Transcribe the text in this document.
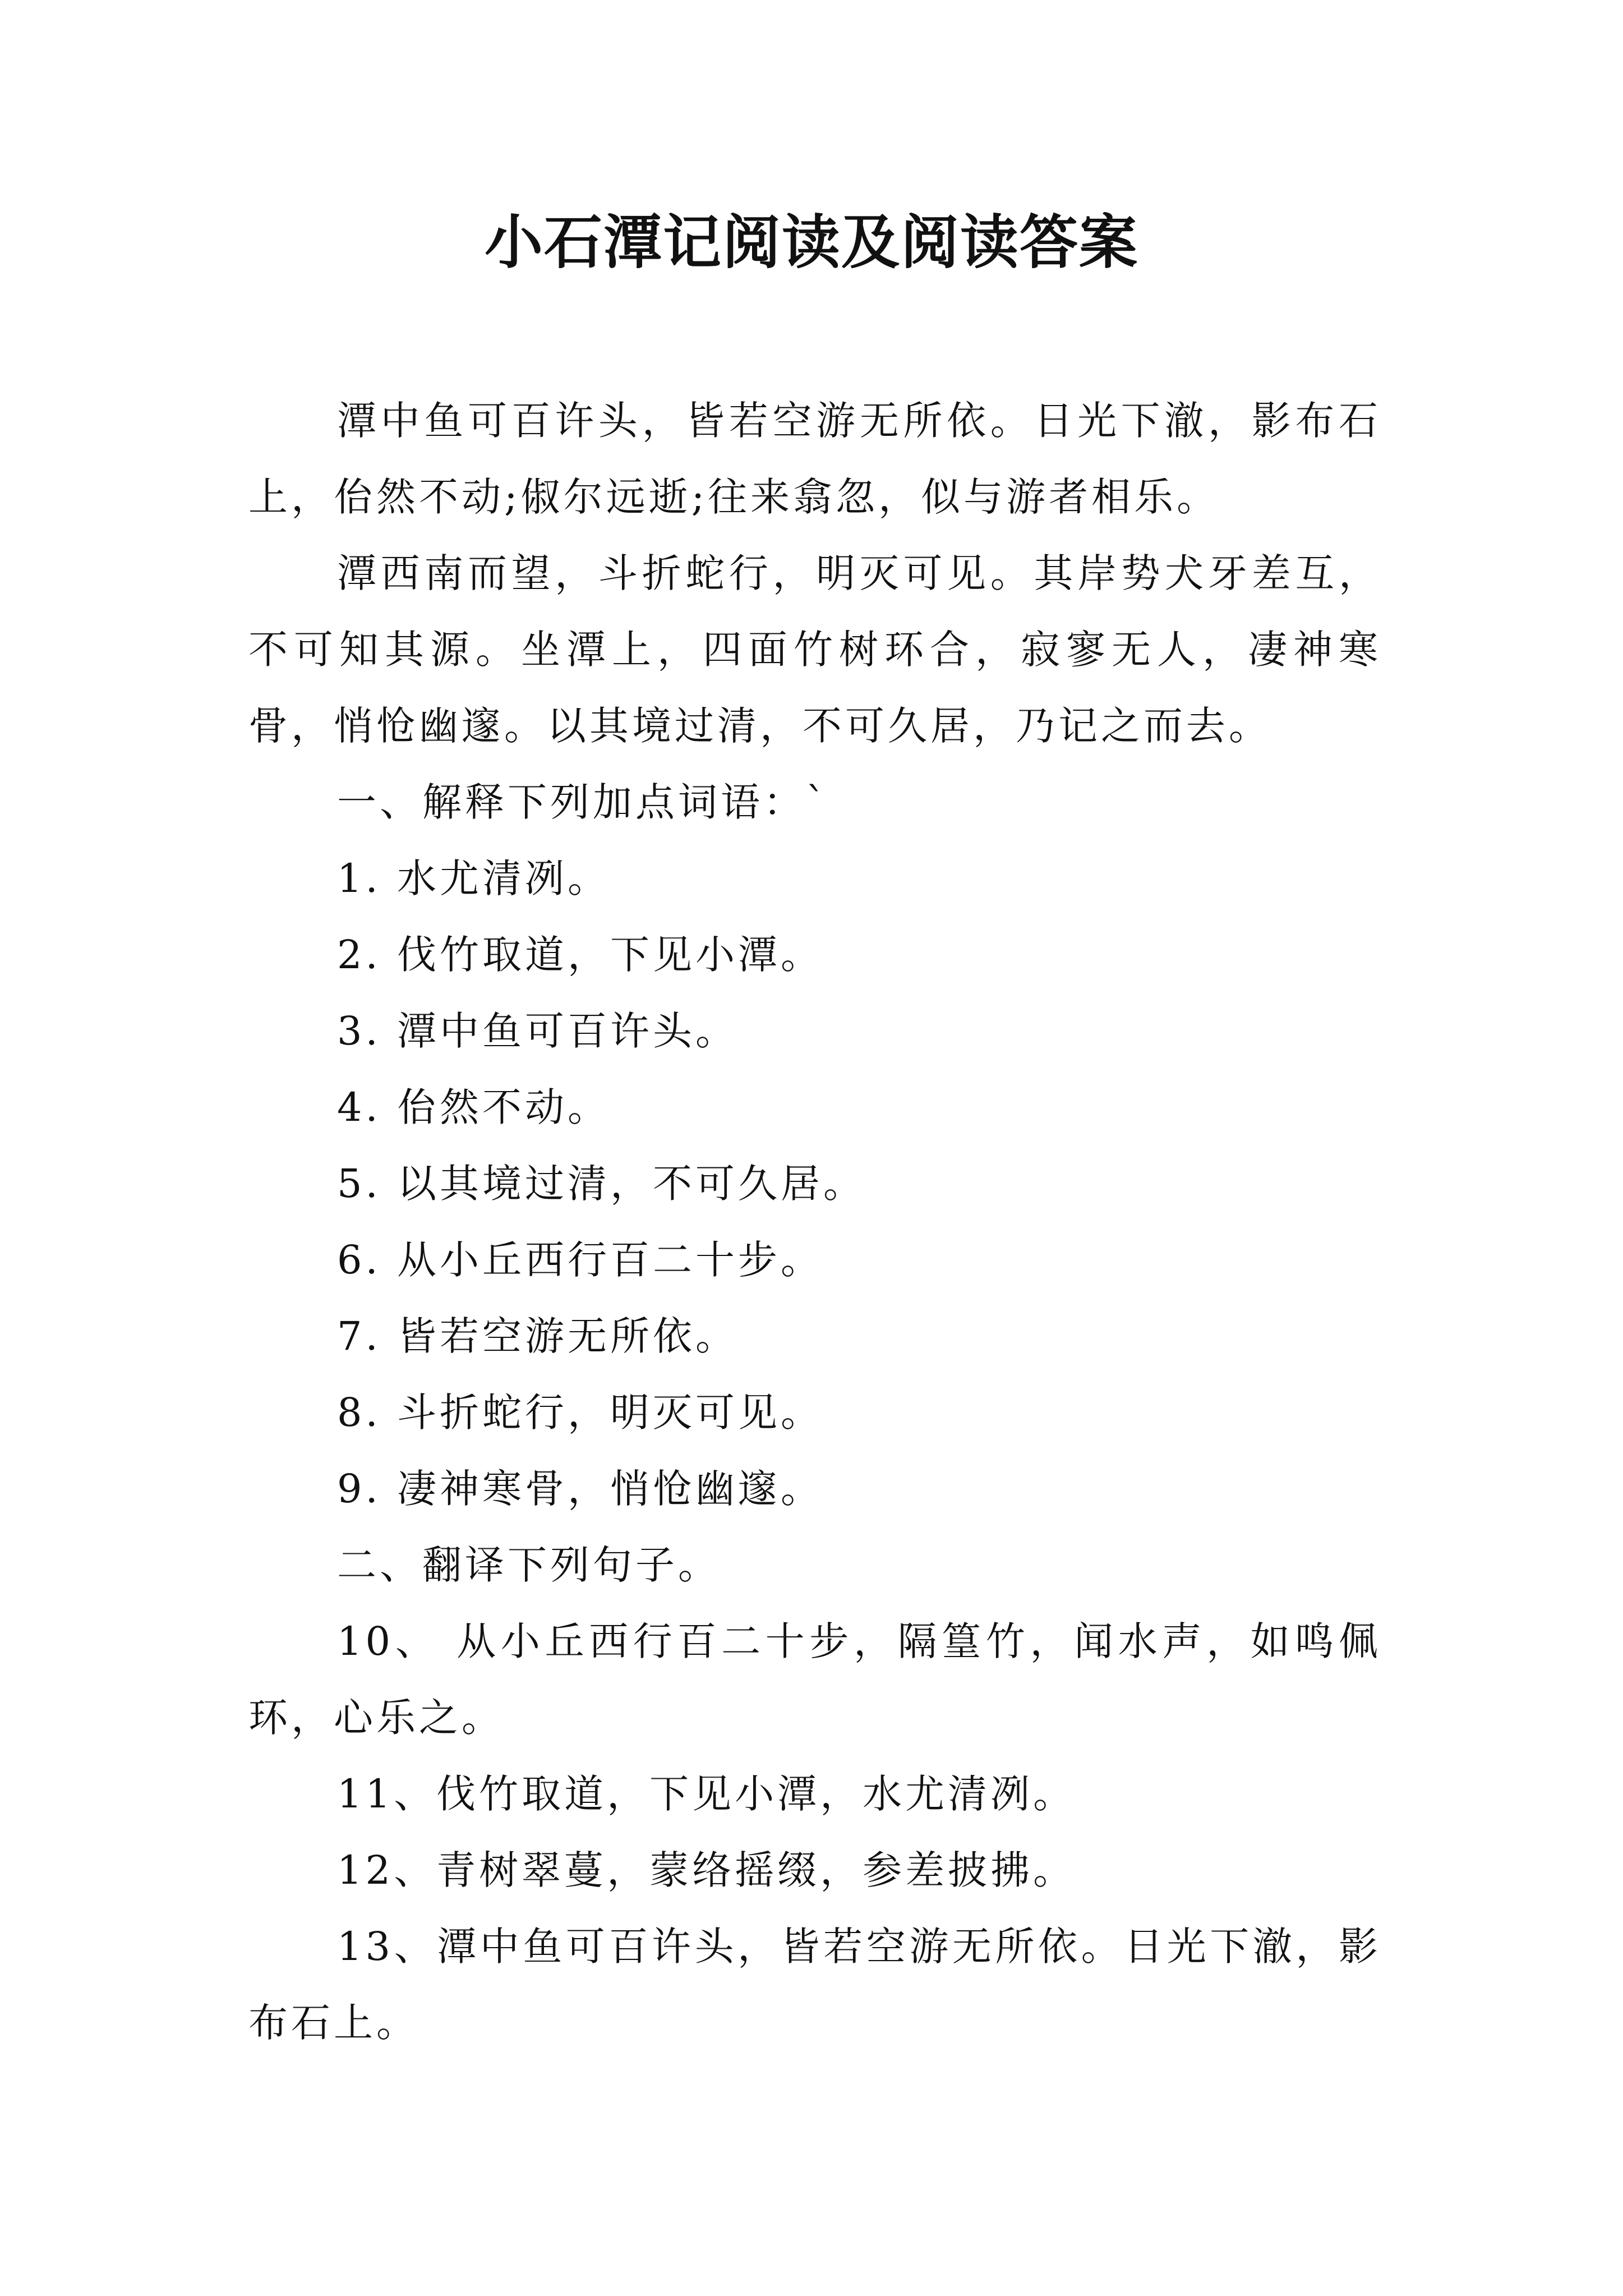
小石潭记阅读及阅读答案

潭中鱼可百许头，皆若空游无所依。日光下澈，影布石上，佁然不动;俶尔远逝;往来翕忽，似与游者相乐。

潭西南而望，斗折蛇行，明灭可见。其岸势犬牙差互，不可知其源。坐潭上，四面竹树环合，寂寥无人，凄神寒骨，悄怆幽邃。以其境过清，不可久居，乃记之而去。

一、解释下列加点词语：`

1. 水尤清冽。

2. 伐竹取道，下见小潭。

3. 潭中鱼可百许头。

4. 佁然不动。

5. 以其境过清，不可久居。

6. 从小丘西行百二十步。

7. 皆若空游无所依。

8. 斗折蛇行，明灭可见。

9. 凄神寒骨，悄怆幽邃。

二、翻译下列句子。

10、 从小丘西行百二十步，隔篁竹，闻水声，如鸣佩环，心乐之。

11、伐竹取道，下见小潭，水尤清冽。

12、青树翠蔓，蒙络摇缀，参差披拂。

13、潭中鱼可百许头，皆若空游无所依。日光下澈，影布石上。
